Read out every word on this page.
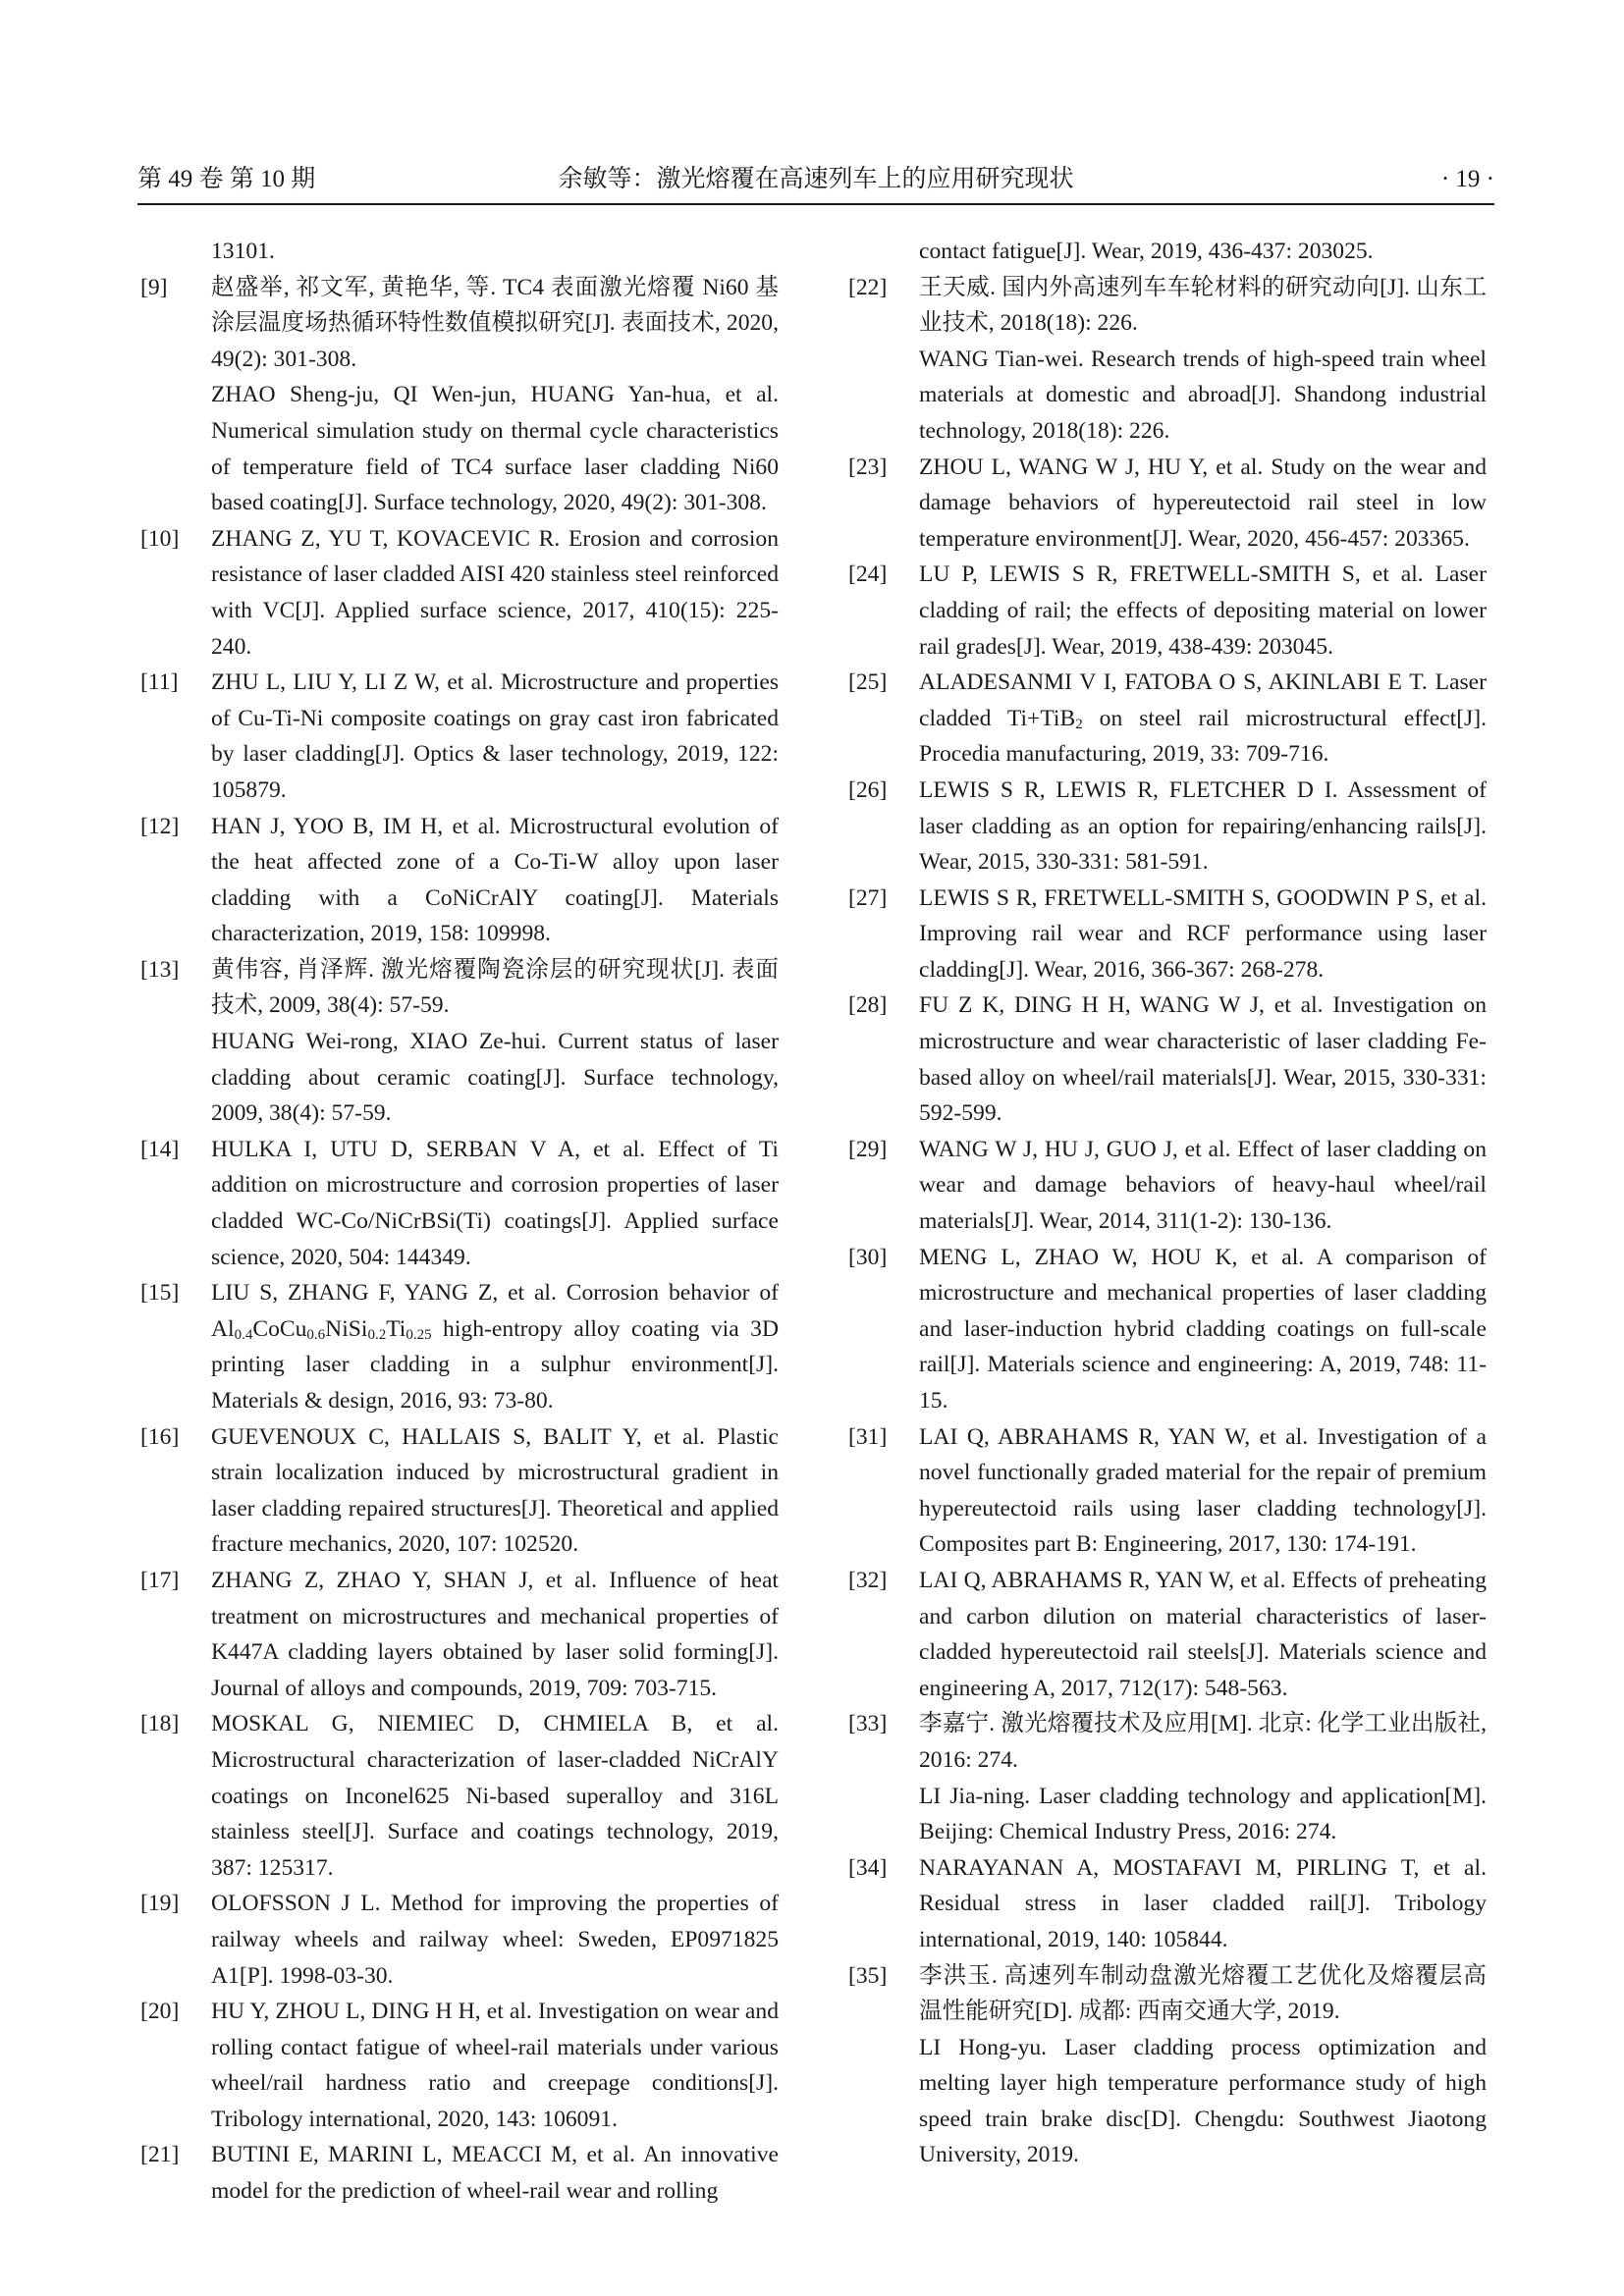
第 49 卷 第 10 期	余敏等：激光熔覆在高速列车上的应用研究现状	· 19 ·
13101.
[9] 赵盛举, 祁文军, 黄艳华, 等. TC4 表面激光熔覆 Ni60 基涂层温度场热循环特性数值模拟研究[J]. 表面技术, 2020, 49(2): 301-308.
ZHAO Sheng-ju, QI Wen-jun, HUANG Yan-hua, et al. Numerical simulation study on thermal cycle characteristics of temperature field of TC4 surface laser cladding Ni60 based coating[J]. Surface technology, 2020, 49(2): 301-308.
[10] ZHANG Z, YU T, KOVACEVIC R. Erosion and corrosion resistance of laser cladded AISI 420 stainless steel reinforced with VC[J]. Applied surface science, 2017, 410(15): 225-240.
[11] ZHU L, LIU Y, LI Z W, et al. Microstructure and properties of Cu-Ti-Ni composite coatings on gray cast iron fabricated by laser cladding[J]. Optics & laser technology, 2019, 122: 105879.
[12] HAN J, YOO B, IM H, et al. Microstructural evolution of the heat affected zone of a Co-Ti-W alloy upon laser cladding with a CoNiCrAlY coating[J]. Materials characterization, 2019, 158: 109998.
[13] 黄伟容, 肖泽辉. 激光熔覆陶瓷涂层的研究现状[J]. 表面技术, 2009, 38(4): 57-59.
HUANG Wei-rong, XIAO Ze-hui. Current status of laser cladding about ceramic coating[J]. Surface technology, 2009, 38(4): 57-59.
[14] HULKA I, UTU D, SERBAN V A, et al. Effect of Ti addition on microstructure and corrosion properties of laser cladded WC-Co/NiCrBSi(Ti) coatings[J]. Applied surface science, 2020, 504: 144349.
[15] LIU S, ZHANG F, YANG Z, et al. Corrosion behavior of $Al_{0.4}CoCu_{0.6}NiSi_{0.2}Ti_{0.25}$ high-entropy alloy coating via 3D printing laser cladding in a sulphur environment[J]. Materials & design, 2016, 93: 73-80.
[16] GUEVENOUX C, HALLAIS S, BALIT Y, et al. Plastic strain localization induced by microstructural gradient in laser cladding repaired structures[J]. Theoretical and applied fracture mechanics, 2020, 107: 102520.
[17] ZHANG Z, ZHAO Y, SHAN J, et al. Influence of heat treatment on microstructures and mechanical properties of K447A cladding layers obtained by laser solid forming[J]. Journal of alloys and compounds, 2019, 709: 703-715.
[18] MOSKAL G, NIEMIEC D, CHMIELA B, et al. Microstructural characterization of laser-cladded NiCrAlY coatings on Inconel625 Ni-based superalloy and 316L stainless steel[J]. Surface and coatings technology, 2019, 387: 125317.
[19] OLOFSSON J L. Method for improving the properties of railway wheels and railway wheel: Sweden, EP0971825 A1[P]. 1998-03-30.
[20] HU Y, ZHOU L, DING H H, et al. Investigation on wear and rolling contact fatigue of wheel-rail materials under various wheel/rail hardness ratio and creepage conditions[J]. Tribology international, 2020, 143: 106091.
[21] BUTINI E, MARINI L, MEACCI M, et al. An innovative model for the prediction of wheel-rail wear and rolling
contact fatigue[J]. Wear, 2019, 436-437: 203025.
[22] 王天威. 国内外高速列车车轮材料的研究动向[J]. 山东工业技术, 2018(18): 226.
WANG Tian-wei. Research trends of high-speed train wheel materials at domestic and abroad[J]. Shandong industrial technology, 2018(18): 226.
[23] ZHOU L, WANG W J, HU Y, et al. Study on the wear and damage behaviors of hypereutectoid rail steel in low temperature environment[J]. Wear, 2020, 456-457: 203365.
[24] LU P, LEWIS S R, FRETWELL-SMITH S, et al. Laser cladding of rail; the effects of depositing material on lower rail grades[J]. Wear, 2019, 438-439: 203045.
[25] ALADESANMI V I, FATOBA O S, AKINLABI E T. Laser cladded Ti+TiB$_2$ on steel rail microstructural effect[J]. Procedia manufacturing, 2019, 33: 709-716.
[26] LEWIS S R, LEWIS R, FLETCHER D I. Assessment of laser cladding as an option for repairing/enhancing rails[J]. Wear, 2015, 330-331: 581-591.
[27] LEWIS S R, FRETWELL-SMITH S, GOODWIN P S, et al. Improving rail wear and RCF performance using laser cladding[J]. Wear, 2016, 366-367: 268-278.
[28] FU Z K, DING H H, WANG W J, et al. Investigation on microstructure and wear characteristic of laser cladding Fe-based alloy on wheel/rail materials[J]. Wear, 2015, 330-331: 592-599.
[29] WANG W J, HU J, GUO J, et al. Effect of laser cladding on wear and damage behaviors of heavy-haul wheel/rail materials[J]. Wear, 2014, 311(1-2): 130-136.
[30] MENG L, ZHAO W, HOU K, et al. A comparison of microstructure and mechanical properties of laser cladding and laser-induction hybrid cladding coatings on full-scale rail[J]. Materials science and engineering: A, 2019, 748: 11-15.
[31] LAI Q, ABRAHAMS R, YAN W, et al. Investigation of a novel functionally graded material for the repair of premium hypereutectoid rails using laser cladding technology[J]. Composites part B: Engineering, 2017, 130: 174-191.
[32] LAI Q, ABRAHAMS R, YAN W, et al. Effects of preheating and carbon dilution on material characteristics of laser-cladded hypereutectoid rail steels[J]. Materials science and engineering A, 2017, 712(17): 548-563.
[33] 李嘉宁. 激光熔覆技术及应用[M]. 北京: 化学工业出版社, 2016: 274.
LI Jia-ning. Laser cladding technology and application[M]. Beijing: Chemical Industry Press, 2016: 274.
[34] NARAYANAN A, MOSTAFAVI M, PIRLING T, et al. Residual stress in laser cladded rail[J]. Tribology international, 2019, 140: 105844.
[35] 李洪玉. 高速列车制动盘激光熔覆工艺优化及熔覆层高温性能研究[D]. 成都: 西南交通大学, 2019.
LI Hong-yu. Laser cladding process optimization and melting layer high temperature performance study of high speed train brake disc[D]. Chengdu: Southwest Jiaotong University, 2019.
